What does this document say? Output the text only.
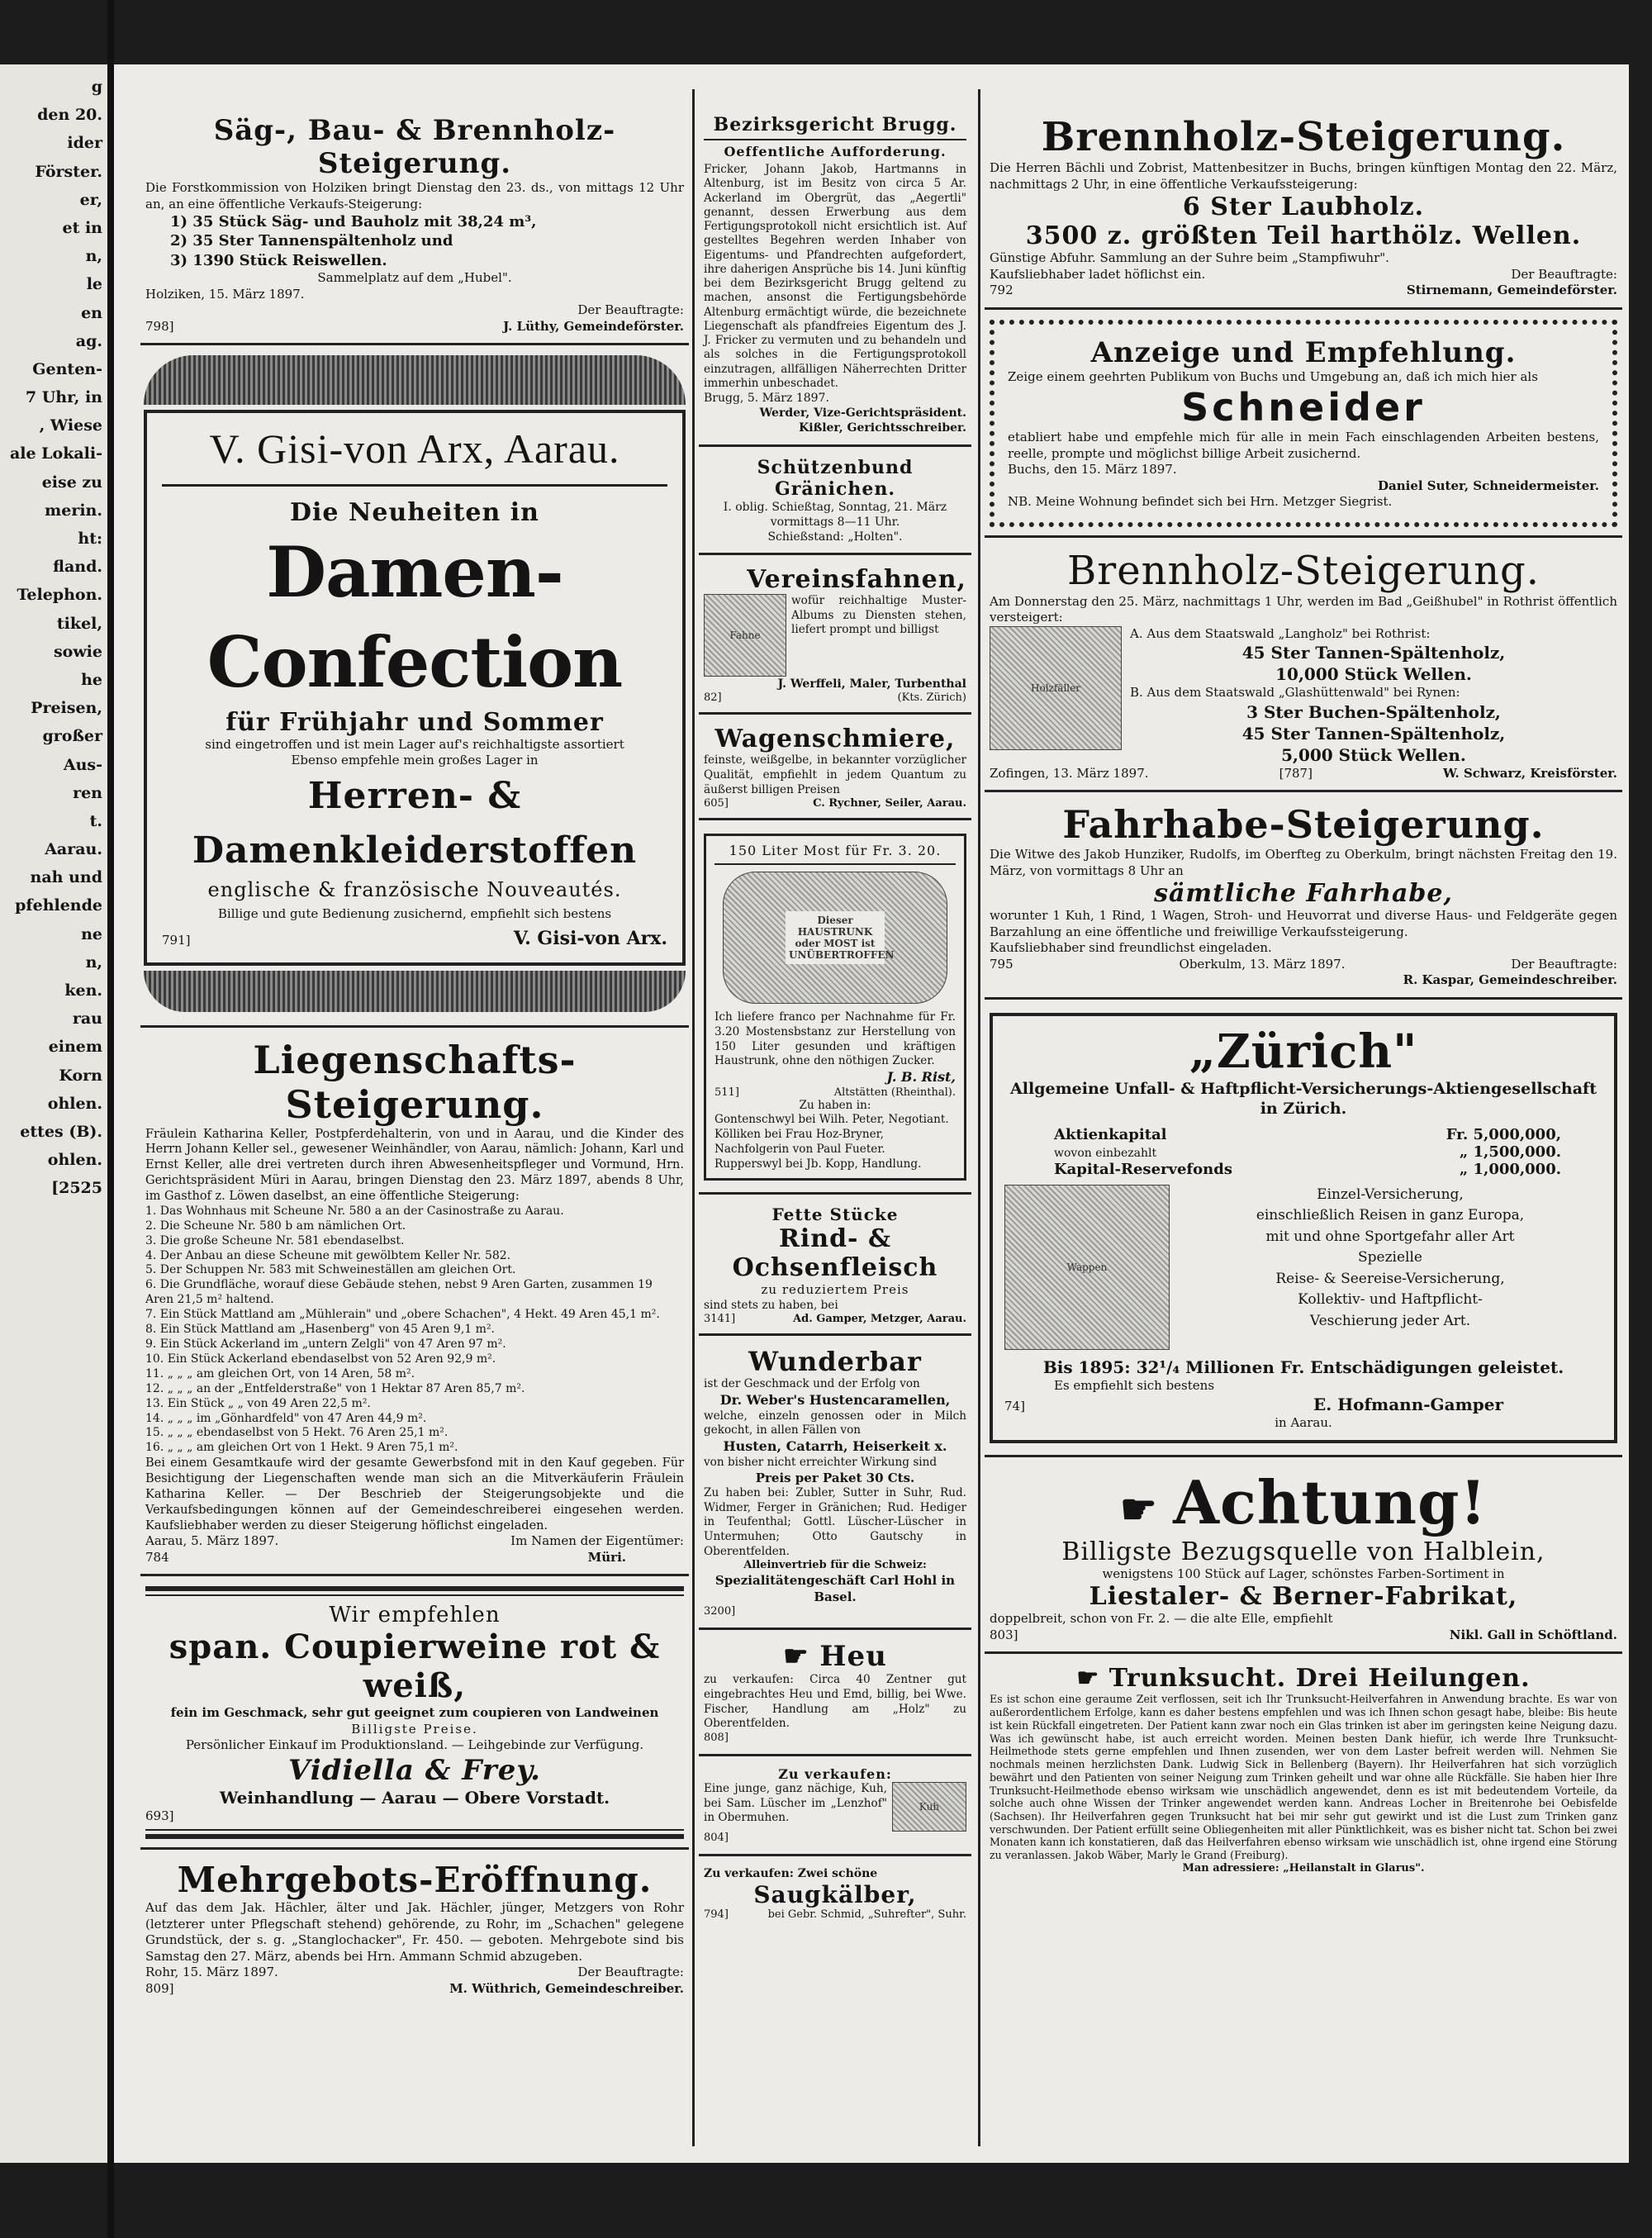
g
den 20.
ider
Förster.
er,
et in
n,
le
en
ag.
Genten-
7 Uhr, in
, Wiese
ale Lokali-
eise zu
merin.
ht:
fland.
Telephon.
tikel, sowie
he
Preisen,
großer Aus-
ren
t.
Aarau.
nah und
pfehlende
ne
n,
ken.
rau
einem Korn
ohlen.
ettes (B).
ohlen.
[2525
Säg-, Bau- & Brennholz-Steigerung.

Die Forstkommission von Holziken bringt Dienstag den 23. ds., von mittags 12 Uhr an, an eine öffentliche Verkaufs-Steigerung:

1) 35 Stück Säg- und Bauholz mit 38,24 m³,
2) 35 Ster Tannenspältenholz und
3) 1390 Stück Reiswellen.

Sammelplatz auf dem „Hubel".

Holziken, 15. März 1897.

Der Beauftragte:

798]	J. Lüthy, Gemeindeförster.
V. Gisi-von Arx, Aarau.
Die Neuheiten in
Damen-Confection
für Frühjahr und Sommer

sind eingetroffen und ist mein Lager auf's reichhaltigste assortiert

Ebenso empfehle mein großes Lager in

Herren- & Damenkleiderstoffen
englische & französische Nouveautés.

Billige und gute Bedienung zusichernd, empfiehlt sich bestens

791]	V. Gisi-von Arx.
Liegenschafts-Steigerung.

Fräulein Katharina Keller, Postpferdehalterin, von und in Aarau, und die Kinder des Herrn Johann Keller sel., gewesener Weinhändler, von Aarau, nämlich: Johann, Karl und Ernst Keller, alle drei vertreten durch ihren Abwesenheitspfleger und Vormund, Hrn. Gerichtspräsident Müri in Aarau, bringen Dienstag den 23. März 1897, abends 8 Uhr, im Gasthof z. Löwen daselbst, an eine öffentliche Steigerung:

1. Das Wohnhaus mit Scheune Nr. 580 a an der Casinostraße zu Aarau.
2. Die Scheune Nr. 580 b am nämlichen Ort.
3. Die große Scheune Nr. 581 ebendaselbst.
4. Der Anbau an diese Scheune mit gewölbtem Keller Nr. 582.
5. Der Schuppen Nr. 583 mit Schweineställen am gleichen Ort.
6. Die Grundfläche, worauf diese Gebäude stehen, nebst 9 Aren Garten, zusammen 19 Aren 21,5 m² haltend.
7. Ein Stück Mattland am „Mühlerain" und „obere Schachen", 4 Hekt. 49 Aren 45,1 m².
8. Ein Stück Mattland am „Hasenberg" von 45 Aren 9,1 m².
9. Ein Stück Ackerland im „untern Zelgli" von 47 Aren 97 m².
10. Ein Stück Ackerland ebendaselbst von 52 Aren 92,9 m².
11. „ „ „ am gleichen Ort, von 14 Aren, 58 m².
12. „ „ „ an der „Entfelderstraße" von 1 Hektar 87 Aren 85,7 m².
13. Ein Stück „ „ von 49 Aren 22,5 m².
14. „ „ „ im „Gönhardfeld" von 47 Aren 44,9 m².
15. „ „ „ ebendaselbst von 5 Hekt. 76 Aren 25,1 m².
16. „ „ „ am gleichen Ort von 1 Hekt. 9 Aren 75,1 m².

Bei einem Gesamtkaufe wird der gesamte Gewerbsfond mit in den Kauf gegeben. Für Besichtigung der Liegenschaften wende man sich an die Mitverkäuferin Fräulein Katharina Keller. — Der Beschrieb der Steigerungsobjekte und die Verkaufsbedingungen können auf der Gemeindeschreiberei eingesehen werden. Kaufsliebhaber werden zu dieser Steigerung höflichst eingeladen.

Aarau, 5. März 1897.	Im Namen der Eigentümer:
784	Müri.
Wir empfehlen
span. Coupierweine rot & weiß,

fein im Geschmack, sehr gut geeignet zum coupieren von Landweinen

Billigste Preise.

Persönlicher Einkauf im Produktionsland. — Leihgebinde zur Verfügung.

Vidiella & Frey.

Weinhandlung — Aarau — Obere Vorstadt.

693]

Mehrgebots-Eröffnung.

Auf das dem Jak. Hächler, älter und Jak. Hächler, jünger, Metzgers von Rohr (letzterer unter Pflegschaft stehend) gehörende, zu Rohr, im „Schachen" gelegene Grundstück, der s. g. „Stanglochacker", Fr. 450. — geboten. Mehrgebote sind bis Samstag den 27. März, abends bei Hrn. Ammann Schmid abzugeben.

Rohr, 15. März 1897.	Der Beauftragte:
809]	M. Wüthrich, Gemeindeschreiber.
Bezirksgericht Brugg.
Oeffentliche Aufforderung.

Fricker, Johann Jakob, Hartmanns in Altenburg, ist im Besitz von circa 5 Ar. Ackerland im Obergrüt, das „Aegertli" genannt, dessen Erwerbung aus dem Fertigungsprotokoll nicht ersichtlich ist. Auf gestelltes Begehren werden Inhaber von Eigentums- und Pfandrechten aufgefordert, ihre daherigen Ansprüche bis 14. Juni künftig bei dem Bezirksgericht Brugg geltend zu machen, ansonst die Fertigungsbehörde Altenburg ermächtigt würde, die bezeichnete Liegenschaft als pfandfreies Eigentum des J. J. Fricker zu vermuten und zu behandeln und als solches in die Fertigungsprotokoll einzutragen, allfälligen Näherrechten Dritter immerhin unbeschadet.

Brugg, 5. März 1897.

Werder, Vize-Gerichtspräsident.

Kißler, Gerichtsschreiber.

Schützenbund Gränichen.

I. oblig. Schießtag, Sonntag, 21. März

vormittags 8—11 Uhr.

Schießstand: „Holten".

Vereinsfahnen,
Fahne

wofür reichhaltige Muster-Albums zu Diensten stehen, liefert prompt und billigst

J. Werffeli, Maler, Turbenthal

82]	(Kts. Zürich)
Wagenschmiere,

feinste, weißgelbe, in bekannter vorzüglicher Qualität, empfiehlt in jedem Quantum zu äußerst billigen Preisen

605]	C. Rychner, Seiler, Aarau.
150 Liter Most für Fr. 3. 20.
Dieser HAUSTRUNK oder MOST ist UNÜBERTROFFEN

Ich liefere franco per Nachnahme für Fr. 3.20 Mostensbstanz zur Herstellung von 150 Liter gesunden und kräftigen Haustrunk, ohne den nöthigen Zucker.

J. B. Rist,

511]	Altstätten (Rheinthal).

Zu haben in:

Gontenschwyl bei Wilh. Peter, Negotiant.
Kölliken bei Frau Hoz-Bryner, Nachfolgerin von Paul Fueter.
Rupperswyl bei Jb. Kopp, Handlung.
Fette Stücke
Rind- & Ochsenfleisch

zu reduziertem Preis

sind stets zu haben, bei

3141]	Ad. Gamper, Metzger, Aarau.
Wunderbar

ist der Geschmack und der Erfolg von

Dr. Weber's Hustencaramellen,

welche, einzeln genossen oder in Milch gekocht, in allen Fällen von

Husten, Catarrh, Heiserkeit x.

von bisher nicht erreichter Wirkung sind

Preis per Paket 30 Cts.

Zu haben bei: Zubler, Sutter in Suhr, Rud. Widmer, Ferger in Gränichen; Rud. Hediger in Teufenthal; Gottl. Lüscher-Lüscher in Untermuhen; Otto Gautschy in Oberentfelden.

Alleinvertrieb für die Schweiz:

Spezialitätengeschäft Carl Hohl in Basel.

3200]

☛ Heu

zu verkaufen: Circa 40 Zentner gut eingebrachtes Heu und Emd, billig, bei Wwe. Fischer, Handlung am „Holz" zu Oberentfelden.

808]

Zu verkaufen:

Eine junge, ganz nächige, Kuh, bei Sam. Lüscher im „Lenzhof" in Obermuhen.

Kuh

804]

Zu verkaufen: Zwei schöne

Saugkälber,
794]	bei Gebr. Schmid, „Suhrefter", Suhr.
Brennholz-Steigerung.

Die Herren Bächli und Zobrist, Mattenbesitzer in Buchs, bringen künftigen Montag den 22. März, nachmittags 2 Uhr, in eine öffentliche Verkaufssteigerung:

6 Ster Laubholz.
3500 z. größten Teil harthölz. Wellen.

Günstige Abfuhr. Sammlung an der Suhre beim „Stampfiwuhr".

Kaufsliebhaber ladet höflichst ein.	Der Beauftragte:
792	Stirnemann, Gemeindeförster.
Anzeige und Empfehlung.

Zeige einem geehrten Publikum von Buchs und Umgebung an, daß ich mich hier als

Schneider

etabliert habe und empfehle mich für alle in mein Fach einschlagenden Arbeiten bestens, reelle, prompte und möglichst billige Arbeit zusichernd.

Buchs, den 15. März 1897.

Daniel Suter, Schneidermeister.

NB. Meine Wohnung befindet sich bei Hrn. Metzger Siegrist.

Brennholz-Steigerung.

Am Donnerstag den 25. März, nachmittags 1 Uhr, werden im Bad „Geißhubel" in Rothrist öffentlich versteigert:

Holzfäller

A. Aus dem Staatswald „Langholz" bei Rothrist:

45 Ster Tannen-Spältenholz,

10,000 Stück Wellen.

B. Aus dem Staatswald „Glashüttenwald" bei Rynen:

3 Ster Buchen-Spältenholz,

45 Ster Tannen-Spältenholz,

5,000 Stück Wellen.

Zofingen, 13. März 1897.	[787]	W. Schwarz, Kreisförster.
Fahrhabe-Steigerung.

Die Witwe des Jakob Hunziker, Rudolfs, im Oberfteg zu Oberkulm, bringt nächsten Freitag den 19. März, von vormittags 8 Uhr an

sämtliche Fahrhabe,

worunter 1 Kuh, 1 Rind, 1 Wagen, Stroh- und Heuvorrat und diverse Haus- und Feldgeräte gegen Barzahlung an eine öffentliche und freiwillige Verkaufssteigerung.

Kaufsliebhaber sind freundlichst eingeladen.

795	Oberkulm, 13. März 1897.	Der Beauftragte:

R. Kaspar, Gemeindeschreiber.

„Zürich"

Allgemeine Unfall- & Haftpflicht-Versicherungs-Aktiengesellschaft in Zürich.

Aktienkapital	Fr. 5,000,000,
wovon einbezahlt	„ 1,500,000.
Kapital-Reservefonds	„ 1,000,000.
Wappen
Einzel-Versicherung,
einschließlich Reisen in ganz Europa,
mit und ohne Sportgefahr aller Art
Spezielle
Reise- & Seereise-Versicherung,
Kollektiv- und Haftpflicht-
Veschierung jeder Art.

Bis 1895: 32¹/₄ Millionen Fr. Entschädigungen geleistet.

Es empfiehlt sich bestens

74]	E. Hofmann-Gamper

in Aarau.

☛ Achtung!
Billigste Bezugsquelle von Halblein,

wenigstens 100 Stück auf Lager, schönstes Farben-Sortiment in

Liestaler- & Berner-Fabrikat,

doppelbreit, schon von Fr. 2. — die alte Elle, empfiehlt

803]	Nikl. Gall in Schöftland.
☛ Trunksucht. Drei Heilungen.

Es ist schon eine geraume Zeit verflossen, seit ich Ihr Trunksucht-Heilverfahren in Anwendung brachte. Es war von außerordentlichem Erfolge, kann es daher bestens empfehlen und was ich Ihnen schon gesagt habe, bleibe: Bis heute ist kein Rückfall eingetreten. Der Patient kann zwar noch ein Glas trinken ist aber im geringsten keine Neigung dazu. Was ich gewünscht habe, ist auch erreicht worden. Meinen besten Dank hiefür, ich werde Ihre Trunksucht-Heilmethode stets gerne empfehlen und Ihnen zusenden, wer von dem Laster befreit werden will. Nehmen Sie nochmals meinen herzlichsten Dank. Ludwig Sick in Bellenberg (Bayern). Ihr Heilverfahren hat sich vorzüglich bewährt und den Patienten von seiner Neigung zum Trinken geheilt und war ohne alle Rückfälle. Sie haben hier Ihre Trunksucht-Heilmethode ebenso wirksam wie unschädlich angewendet, denn es ist mit bedeutendem Vorteile, da solche auch ohne Wissen der Trinker angewendet werden kann. Andreas Locher in Breitenrohe bei Oebisfelde (Sachsen). Ihr Heilverfahren gegen Trunksucht hat bei mir sehr gut gewirkt und ist die Lust zum Trinken ganz verschwunden. Der Patient erfüllt seine Obliegenheiten mit aller Pünktlichkeit, was es bisher nicht tat. Schon bei zwei Monaten kann ich konstatieren, daß das Heilverfahren ebenso wirksam wie unschädlich ist, ohne irgend eine Störung zu veranlassen. Jakob Wäber, Marly le Grand (Freiburg).

Man adressiere: „Heilanstalt in Glarus".
